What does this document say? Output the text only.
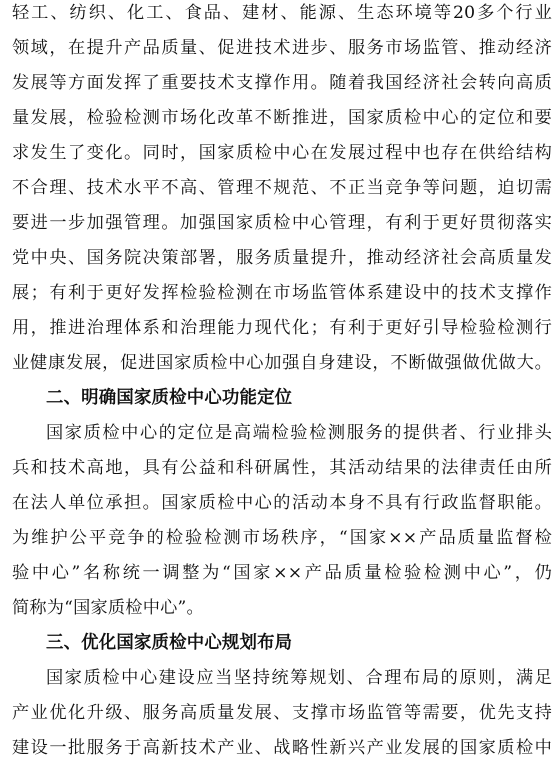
轻工、纺织、化工、食品、建材、能源、生态环境等20多个行业
领域，在提升产品质量、促进技术进步、服务市场监管、推动经济
发展等方面发挥了重要技术支撑作用。随着我国经济社会转向高质
量发展，检验检测市场化改革不断推进，国家质检中心的定位和要
求发生了变化。同时，国家质检中心在发展过程中也存在供给结构
不合理、技术水平不高、管理不规范、不正当竞争等问题，迫切需
要进一步加强管理。加强国家质检中心管理，有利于更好贯彻落实
党中央、国务院决策部署，服务质量提升，推动经济社会高质量发
展；有利于更好发挥检验检测在市场监管体系建设中的技术支撑作
用，推进治理体系和治理能力现代化；有利于更好引导检验检测行
业健康发展，促进国家质检中心加强自身建设，不断做强做优做大。
二、明确国家质检中心功能定位
国家质检中心的定位是高端检验检测服务的提供者、行业排头
兵和技术高地，具有公益和科研属性，其活动结果的法律责任由所
在法人单位承担。国家质检中心的活动本身不具有行政监督职能。
为维护公平竞争的检验检测市场秩序，“国家××产品质量监督检
验中心”名称统一调整为“国家××产品质量检验检测中心”，仍
简称为“国家质检中心”。
三、优化国家质检中心规划布局
国家质检中心建设应当坚持统筹规划、合理布局的原则，满足
产业优化升级、服务高质量发展、支撑市场监管等需要，优先支持
建设一批服务于高新技术产业、战略性新兴产业发展的国家质检中
